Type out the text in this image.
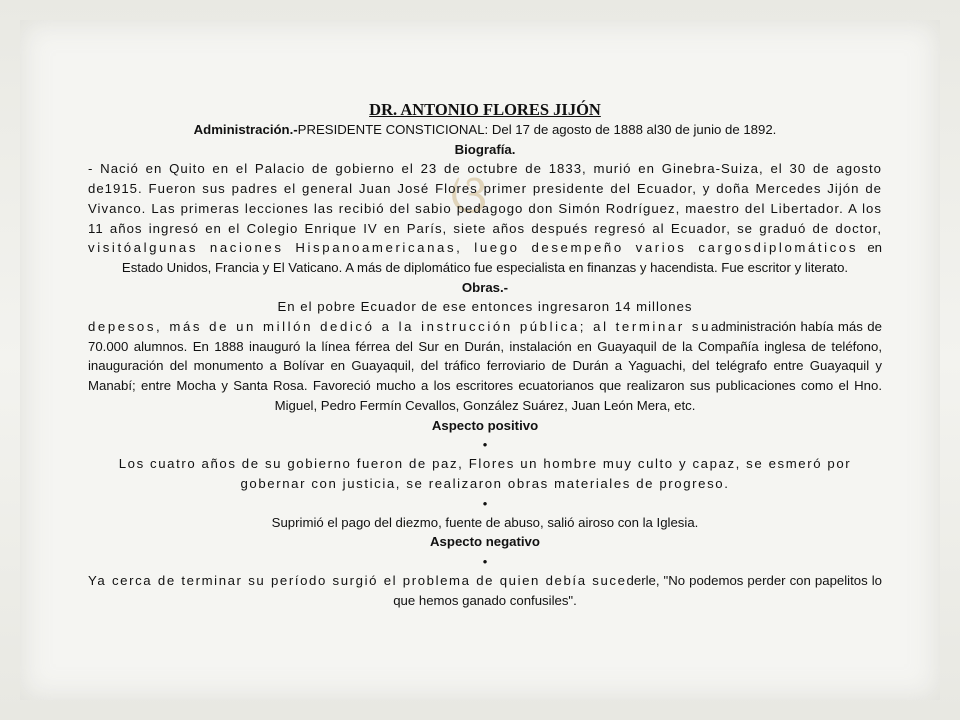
ଓ
DR. ANTONIO FLORES JIJÓN
Administración.-PRESIDENTE CONSTICIONAL: Del 17 de agosto de 1888 al30 de junio de 1892.
Biografía.
- Nació en Quito en el Palacio de gobierno el 23 de octubre de 1833, murió en Ginebra-Suiza, el 30 de agosto de1915. Fueron sus padres el general Juan José Flores primer presidente del Ecuador, y doña Mercedes Jijón de Vivanco. Las primeras lecciones las recibió del sabio pedagogo don Simón Rodríguez, maestro del Libertador. A los 11 años ingresó en el Colegio Enrique IV en París, siete años después regresó al Ecuador, se graduó de doctor, visitóalgunas naciones Hispanoamericanas, luego desempeño varios cargosdiplomáticos en Estado Unidos, Francia y El Vaticano. A más de diplomático fue especialista en finanzas y hacendista. Fue escritor y literato.
Obras.-
En el pobre Ecuador de ese entonces ingresaron 14 millones
depesos, más de un millón dedicó a la instrucción pública; al terminar suadministración había más de 70.000 alumnos. En 1888 inauguró la línea férrea del Sur en Durán, instalación en Guayaquil de la Compañía inglesa de teléfono, inauguración del monumento a Bolívar en Guayaquil, del tráfico ferroviario de Durán a Yaguachi, del telégrafo entre Guayaquil y Manabí; entre Mocha y Santa Rosa. Favoreció mucho a los escritores ecuatorianos que realizaron sus publicaciones como el Hno. Miguel, Pedro Fermín Cevallos, González Suárez, Juan León Mera, etc.
Aspecto positivo
•
Los cuatro años de su gobierno fueron de paz, Flores un hombre muy culto y capaz, se esmeró por gobernar con justicia, se realizaron obras materiales de progreso.
•
Suprimió el pago del diezmo, fuente de abuso, salió airoso con la Iglesia.
Aspecto negativo
•
Ya cerca de terminar su período surgió el problema de quien debía sucederle, "No podemos perder con papelitos lo que hemos ganado confusiles".
